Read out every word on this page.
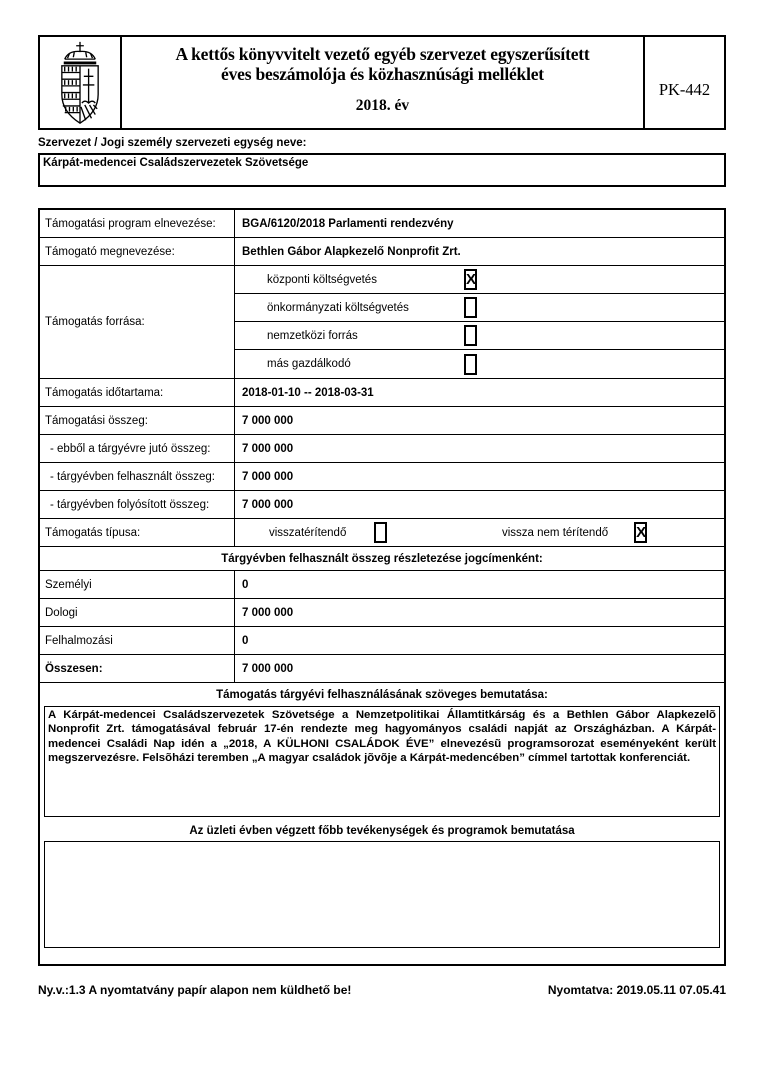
A kettős könyvvitelt vezető egyéb szervezet egyszerűsített
éves beszámolója és közhasznúsági melléklet
2018. év
PK-442
Szervezet / Jogi személy szervezeti egység neve:
Kárpát-medencei Családszervezetek Szövetsége
Támogatási program elnevezése:	BGA/6120/2018 Parlamenti rendezvény
Támogató megnevezése:	Bethlen Gábor Alapkezelő Nonprofit Zrt.
Támogatás forrása:
központi költségvetés	X
önkormányzati költségvetés
nemzetközi forrás
más gazdálkodó
Támogatás időtartama:	2018-01-10 -- 2018-03-31
Támogatási összeg:	7 000 000
- ebből a tárgyévre jutó összeg:	7 000 000
- tárgyévben felhasznált összeg:	7 000 000
- tárgyévben folyósított összeg:	7 000 000
Támogatás típusa:	visszatérítendő	vissza nem térítendő X
Tárgyévben felhasznált összeg részletezése jogcímenként:
Személyi	0
Dologi	7 000 000
Felhalmozási	0
Összesen:	7 000 000
Támogatás tárgyévi felhasználásának szöveges bemutatása:
A Kárpát-medencei Családszervezetek Szövetsége a Nemzetpolitikai Államtitkárság és a Bethlen Gábor Alapkezelõ Nonprofit Zrt. támogatásával február 17-én rendezte meg hagyományos családi napját az Országházban. A Kárpát-medencei Családi Nap idén a „2018, A KÜLHONI CSALÁDOK ÉVE” elnevezésũ programsorozat eseményeként került megszervezésre. Felsõházi teremben „A magyar családok jõvõje a Kárpát-medencében” címmel tartottak konferenciát.
Az üzleti évben végzett főbb tevékenységek és programok bemutatása
Ny.v.:1.3 A nyomtatvány papír alapon nem küldhető be!	Nyomtatva: 2019.05.11 07.05.41
